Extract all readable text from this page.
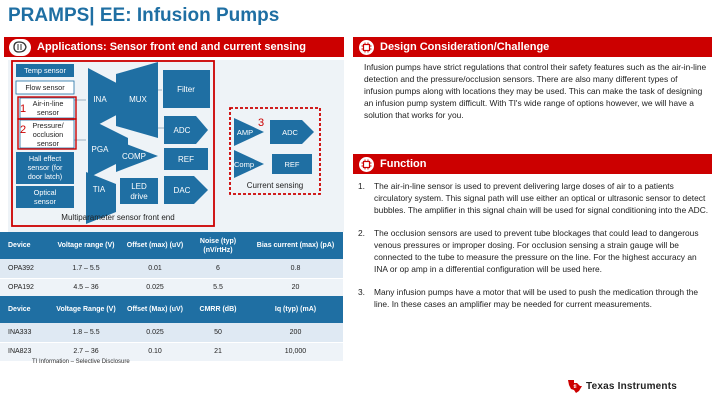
PRAMPS| EE: Infusion Pumps
Applications: Sensor front end and current sensing
INA	MUX
Filter
PGA
ADC
COMP	REF
TIA	LED
drive
DAC
Temp sensor
Flow sensor
Air-in-line
sensor
Pressure/
occlusion
sensor
Hall effect
sensor (for
door latch)
Optical
sensor
1
2
Multiparameter sensor front end
3
AMP	ADC
Comp	REF
Current sensing
Device	Voltage range (V)	Offset (max) (uV)	Noise (typ) (nV/rtHz)	Bias current (max) (pA)
OPA392	1.7 – 5.5	0.01	6	0.8
OPA192	4.5 – 36	0.025	5.5	20
Device	Voltage Range (V)	Offset (Max) (uV)	CMRR (dB)	Iq (typ) (mA)
INA333	1.8 – 5.5	0.025	50	200
INA823	2.7 – 36	0.10	21	10,000
TI Information – Selective Disclosure
Design Consideration/Challenge
Infusion pumps have strict regulations that control their safety features such as the air-in-line detection and the pressure/occlusion sensors. There are also many different types of infusion pumps along with locations they may be used. This can make the task of designing an infusion pump system difficult. With TI's wide range of options however, we will have a solution that works for you.
Function
1.	The air-in-line sensor is used to prevent delivering large doses of air to a patients circulatory system. This signal path will use either an optical or ultrasonic sensor to detect bubbles. The amplifier in this signal chain will be used for signal conditioning into the ADC.
2.	The occlusion sensors are used to prevent tube blockages that could lead to dangerous venous pressures or improper dosing. For occlusion sensing a strain gauge will be connected to the tube to measure the pressure on the line. For the highest accuracy an INA or op amp in a differential configuration will be used here.
3.	Many infusion pumps have a motor that will be used to push the medication through the line. In these cases an amplifier may be needed for current measurements.
ti Texas Instruments
